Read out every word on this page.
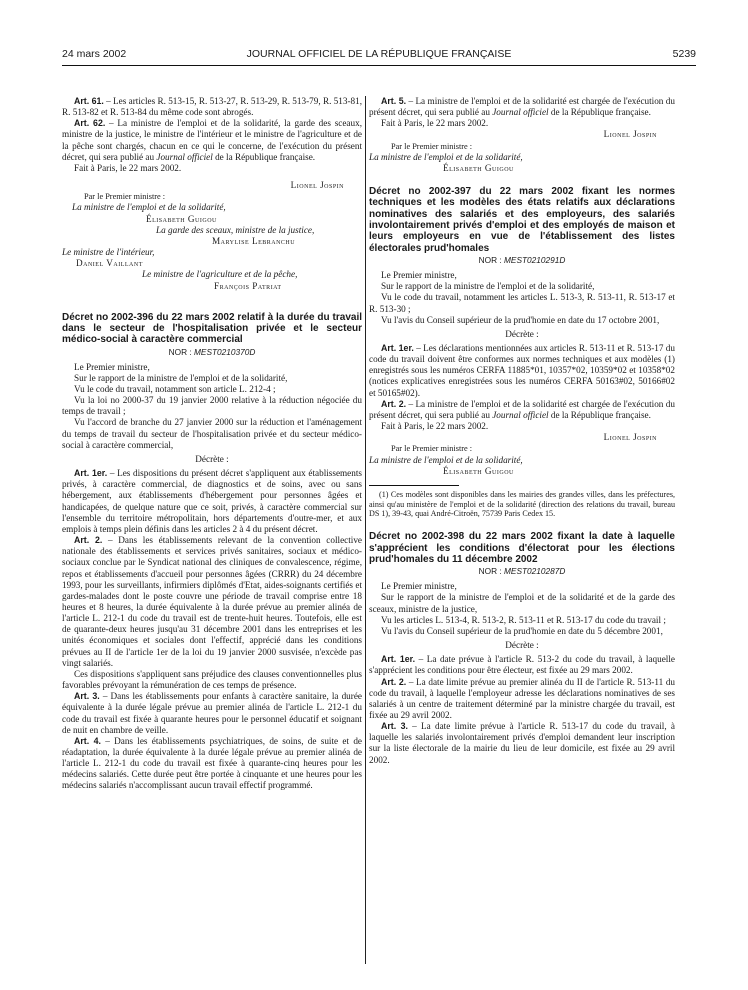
24 mars 2002	JOURNAL OFFICIEL DE LA RÉPUBLIQUE FRANÇAISE	5239

Art. 61. – Les articles R. 513-15, R. 513-27, R. 513-29, R. 513-79, R. 513-81, R. 513-82 et R. 513-84 du même code sont abrogés.

Art. 62. – La ministre de l'emploi et de la solidarité, la garde des sceaux, ministre de la justice, le ministre de l'intérieur et le ministre de l'agriculture et de la pêche sont chargés, chacun en ce qui le concerne, de l'exécution du présent décret, qui sera publié au Journal officiel de la République française.

Fait à Paris, le 22 mars 2002.

Lionel Jospin
Par le Premier ministre :
La ministre de l'emploi et de la solidarité,
Élisabeth Guigou
La garde des sceaux, ministre de la justice,
Marylise Lebranchu
Le ministre de l'intérieur,
Daniel Vaillant
Le ministre de l'agriculture et de la pêche,
François Patriat
Décret no 2002-396 du 22 mars 2002 relatif à la durée du travail dans le secteur de l'hospitalisation privée et le secteur médico-social à caractère commercial
NOR : MEST0210370D

Le Premier ministre,

Sur le rapport de la ministre de l'emploi et de la solidarité,

Vu le code du travail, notamment son article L. 212-4 ;

Vu la loi no 2000-37 du 19 janvier 2000 relative à la réduction négociée du temps de travail ;

Vu l'accord de branche du 27 janvier 2000 sur la réduction et l'aménagement du temps de travail du secteur de l'hospitalisation privée et du secteur médico-social à caractère commercial,

Décrète :

Art. 1er. – Les dispositions du présent décret s'appliquent aux établissements privés, à caractère commercial, de diagnostics et de soins, avec ou sans hébergement, aux établissements d'hébergement pour personnes âgées et handicapées, de quelque nature que ce soit, privés, à caractère commercial sur l'ensemble du territoire métropolitain, hors départements d'outre-mer, et aux emplois à temps plein définis dans les articles 2 à 4 du présent décret.

Art. 2. – Dans les établissements relevant de la convention collective nationale des établissements et services privés sanitaires, sociaux et médico-sociaux conclue par le Syndicat national des cliniques de convalescence, régime, repos et établissements d'accueil pour personnes âgées (CRRR) du 24 décembre 1993, pour les surveillants, infirmiers diplômés d'Etat, aides-soignants certifiés et gardes-malades dont le poste couvre une période de travail comprise entre 18 heures et 8 heures, la durée équivalente à la durée prévue au premier alinéa de l'article L. 212-1 du code du travail est de trente-huit heures. Toutefois, elle est de quarante-deux heures jusqu'au 31 décembre 2001 dans les entreprises et les unités économiques et sociales dont l'effectif, apprécié dans les conditions prévues au II de l'article 1er de la loi du 19 janvier 2000 susvisée, n'excède pas vingt salariés.

Ces dispositions s'appliquent sans préjudice des clauses conventionnelles plus favorables prévoyant la rémunération de ces temps de présence.

Art. 3. – Dans les établissements pour enfants à caractère sanitaire, la durée équivalente à la durée légale prévue au premier alinéa de l'article L. 212-1 du code du travail est fixée à quarante heures pour le personnel éducatif et soignant de nuit en chambre de veille.

Art. 4. – Dans les établissements psychiatriques, de soins, de suite et de réadaptation, la durée équivalente à la durée légale prévue au premier alinéa de l'article L. 212-1 du code du travail est fixée à quarante-cinq heures pour les médecins salariés. Cette durée peut être portée à cinquante et une heures pour les médecins salariés n'accomplissant aucun travail effectif programmé.

Art. 5. – La ministre de l'emploi et de la solidarité est chargée de l'exécution du présent décret, qui sera publié au Journal officiel de la République française.

Fait à Paris, le 22 mars 2002.

Lionel Jospin
Par le Premier ministre :
La ministre de l'emploi et de la solidarité,
Élisabeth Guigou
Décret no 2002-397 du 22 mars 2002 fixant les normes techniques et les modèles des états relatifs aux déclarations nominatives des salariés et des employeurs, des salariés involontairement privés d'emploi et des employés de maison et leurs employeurs en vue de l'établissement des listes électorales prud'homales
NOR : MEST0210291D

Le Premier ministre,

Sur le rapport de la ministre de l'emploi et de la solidarité,

Vu le code du travail, notamment les articles L. 513-3, R. 513-11, R. 513-17 et R. 513-30 ;

Vu l'avis du Conseil supérieur de la prud'homie en date du 17 octobre 2001,

Décrète :

Art. 1er. – Les déclarations mentionnées aux articles R. 513-11 et R. 513-17 du code du travail doivent être conformes aux normes techniques et aux modèles (1) enregistrés sous les numéros CERFA 11885*01, 10357*02, 10359*02 et 10358*02 (notices explicatives enregistrées sous les numéros CERFA 50163#02, 50166#02 et 50165#02).

Art. 2. – La ministre de l'emploi et de la solidarité est chargée de l'exécution du présent décret, qui sera publié au Journal officiel de la République française.

Fait à Paris, le 22 mars 2002.

Lionel Jospin
Par le Premier ministre :
La ministre de l'emploi et de la solidarité,
Élisabeth Guigou
(1) Ces modèles sont disponibles dans les mairies des grandes villes, dans les préfectures, ainsi qu'au ministère de l'emploi et de la solidarité (direction des relations du travail, bureau DS 1), 39-43, quai André-Citroën, 75739 Paris Cedex 15.
Décret no 2002-398 du 22 mars 2002 fixant la date à laquelle s'apprécient les conditions d'électorat pour les élections prud'homales du 11 décembre 2002
NOR : MEST0210287D

Le Premier ministre,

Sur le rapport de la ministre de l'emploi et de la solidarité et de la garde des sceaux, ministre de la justice,

Vu les articles L. 513-4, R. 513-2, R. 513-11 et R. 513-17 du code du travail ;

Vu l'avis du Conseil supérieur de la prud'homie en date du 5 décembre 2001,

Décrète :

Art. 1er. – La date prévue à l'article R. 513-2 du code du travail, à laquelle s'apprécient les conditions pour être électeur, est fixée au 29 mars 2002.

Art. 2. – La date limite prévue au premier alinéa du II de l'article R. 513-11 du code du travail, à laquelle l'employeur adresse les déclarations nominatives de ses salariés à un centre de traitement déterminé par la ministre chargée du travail, est fixée au 29 avril 2002.

Art. 3. – La date limite prévue à l'article R. 513-17 du code du travail, à laquelle les salariés involontairement privés d'emploi demandent leur inscription sur la liste électorale de la mairie du lieu de leur domicile, est fixée au 29 avril 2002.
